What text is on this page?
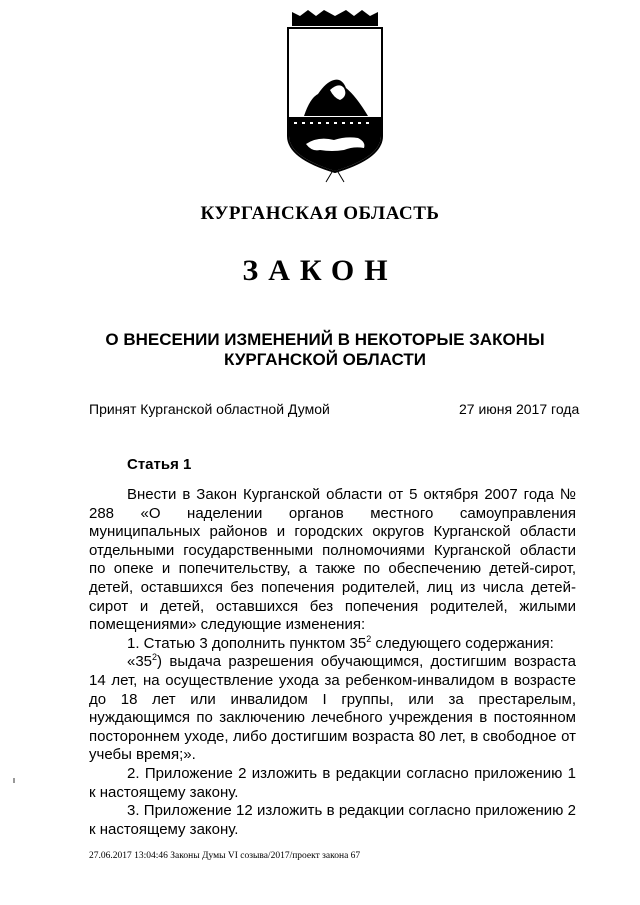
КУРГАНСКАЯ ОБЛАСТЬ
ЗАКОН
О ВНЕСЕНИИ ИЗМЕНЕНИЙ В НЕКОТОРЫЕ ЗАКОНЫ
КУРГАНСКОЙ ОБЛАСТИ
Принят Курганской областной Думой	27 июня 2017 года
Статья 1

Внести в Закон Курганской области от 5 октября 2007 года № 288 «О наделении органов местного самоуправления муниципальных районов и городских округов Курганской области отдельными государственными полномочиями Курганской области по опеке и попечительству, а также по обеспечению детей-сирот, детей, оставшихся без попечения родителей, лиц из числа детей-сирот и детей, оставшихся без попечения родителей, жилыми помещениями» следующие изменения:

1. Статью 3 дополнить пунктом $35^2$ следующего содержания:

«$35^2$) выдача разрешения обучающимся, достигшим возраста 14 лет, на осуществление ухода за ребенком-инвалидом в возрасте до 18 лет или инвалидом I группы, или за престарелым, нуждающимся по заключению лечебного учреждения в постоянном постороннем уходе, либо достигшим возраста 80 лет, в свободное от учебы время;».

2. Приложение 2 изложить в редакции согласно приложению 1 к настоящему закону.

3. Приложение 12 изложить в редакции согласно приложению 2 к настоящему закону.

27.06.2017 13:04:46 Законы Думы VI созыва/2017/проект закона 67
